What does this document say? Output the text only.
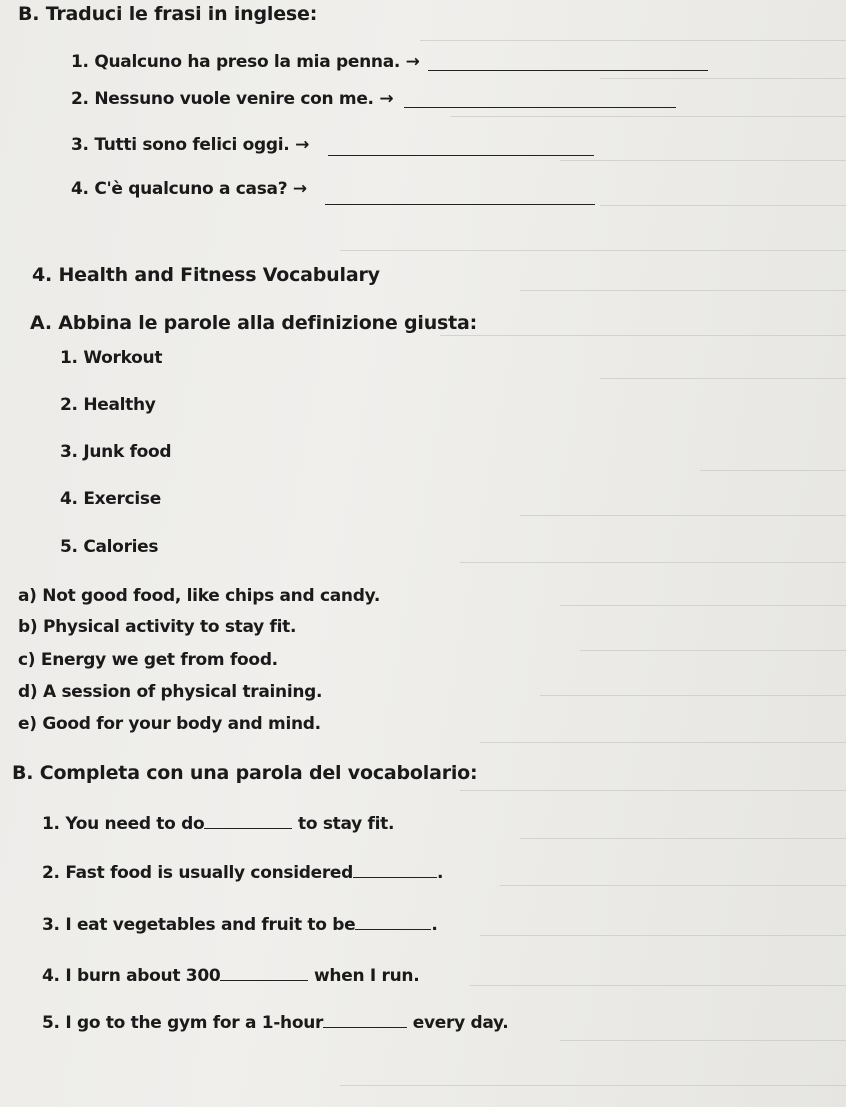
B. Traduci le frasi in inglese:
1. Qualcuno ha preso la mia penna. →
2. Nessuno vuole venire con me. →
3. Tutti sono felici oggi. →
4. C'è qualcuno a casa? →
4. Health and Fitness Vocabulary
A. Abbina le parole alla definizione giusta:
1. Workout
2. Healthy
3. Junk food
4. Exercise
5. Calories
a) Not good food, like chips and candy.
b) Physical activity to stay fit.
c) Energy we get from food.
d) A session of physical training.
e) Good for your body and mind.
B. Completa con una parola del vocabolario:
1. You need to do	to stay fit.
2. Fast food is usually considered	.
3. I eat vegetables and fruit to be	.
4. I burn about 300	when I run.
5. I go to the gym for a 1-hour	every day.
